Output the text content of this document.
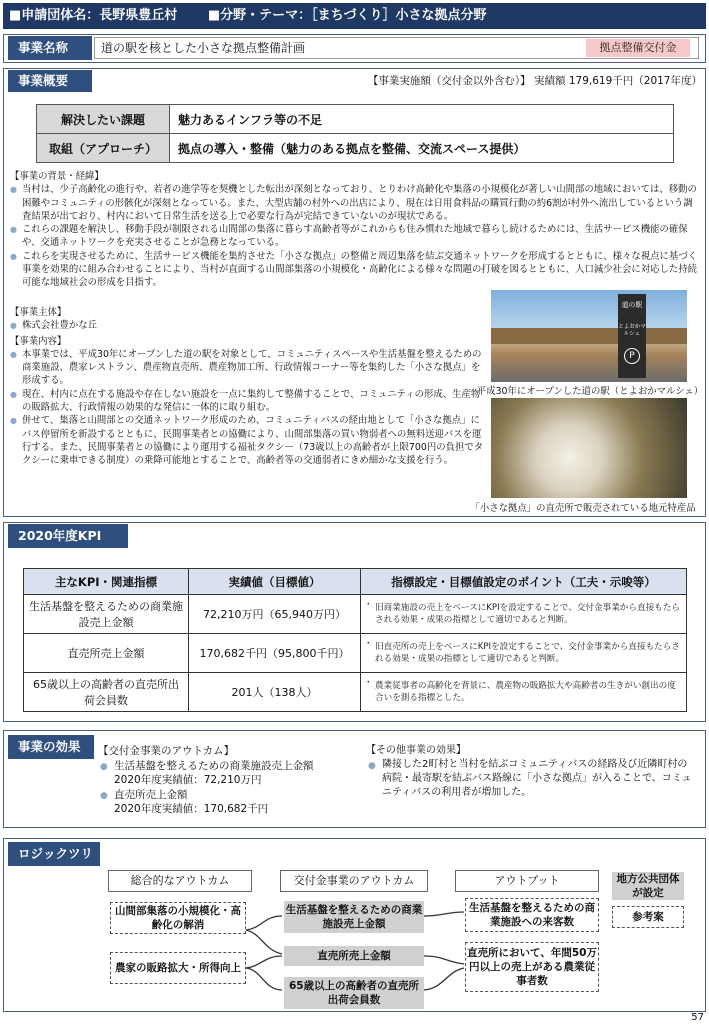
■申請団体名：長野県豊丘村 ■分野・テーマ：［まちづくり］小さな拠点分野
事業名称	道の駅を核とした小さな拠点整備計画	拠点整備交付金
事業概要	【事業実施額（交付金以外含む）】 実績額 179,619千円（2017年度）
解決したい課題	魅力あるインフラ等の不足
取組（アプローチ）	拠点の導入・整備（魅力のある拠点を整備、交流スペース提供）

【事業の背景・経緯】

● 当村は、少子高齢化の進行や、若者の進学等を契機とした転出が深刻となっており、とりわけ高齢化や集落の小規模化が著しい山間部の地域においては、移動の困難やコミュニティの形骸化が深刻となっている。また、大型店舗の村外への出店により、現在は日用食料品の購買行動の約6割が村外へ流出しているという調査結果が出ており、村内において日常生活を送る上で必要な行為が完結できていないのが現状である。

● これらの課題を解決し、移動手段が制限される山間部の集落に暮らす高齢者等がこれからも住み慣れた地域で暮らし続けるためには、生活サービス機能の確保や、交通ネットワークを充実させることが急務となっている。

● これらを実現させるために、生活サービス機能を集約させた「小さな拠点」の整備と周辺集落を結ぶ交通ネットワークを形成するとともに、様々な視点に基づく事業を効果的に組み合わせることにより、当村が直面する山間部集落の小規模化・高齢化による様々な問題の打破を図るとともに、人口減少社会に対応した持続可能な地域社会の形成を目指す。

【事業主体】

● 株式会社豊かな丘

【事業内容】

● 本事業では、平成30年にオープンした道の駅を対象として、コミュニティスペースや生活基盤を整えるための商業施設、農家レストラン、農産物直売所、農産物加工所、行政情報コーナー等を集約した「小さな拠点」を形成する。

● 現在、村内に点在する施設や存在しない施設を一点に集約して整備することで、コミュニティの形成、生産物の販路拡大、行政情報の効果的な発信に一体的に取り組む。

● 併せて、集落と山間部との交通ネットワーク形成のため、コミュニティバスの経由地として「小さな拠点」にバス停留所を新設するとともに、民間事業者との協働により、山間部集落の買い物弱者への無料送迎バスを運行する。また、民間事業者との協働により運用する福祉タクシー（73歳以上の高齢者が上限700円の負担でタクシーに乗車できる制度）の乗降可能地とすることで、高齢者等の交通弱者にきめ細かな支援を行う。

道の駅
とよおかマルシェ
P
平成30年にオープンした道の駅（とよおかマルシェ）
「小さな拠点」の直売所で販売されている地元特産品
2020年度KPI
主なKPI・関連指標	実績値（目標値）	指標設定・目標値設定のポイント（工夫・示唆等）
生活基盤を整えるための商業施設売上金額	72,210万円（65,940万円）	・ 旧商業施設の売上をベースにKPIを設定することで、交付金事業から直接もたらされる効果・成果の指標として適切であると判断。
直売所売上金額	170,682千円（95,800千円）	・ 旧直売所の売上をベースにKPIを設定することで、交付金事業から直接もたらされる効果・成果の指標として適切であると判断。
65歳以上の高齢者の直売所出荷会員数	201人（138人）	・ 農業従事者の高齢化を背景に、農産物の販路拡大や高齢者の生きがい創出の度合いを測る指標とした。
事業の効果	【交付金事業のアウトカム】
● 生活基盤を整えるための商業施設売上金額
2020年度実績値：72,210万円
● 直売所売上金額
2020年度実績値：170,682千円
【その他事業の効果】
● 隣接した2町村と当村を結ぶコミュニティバスの経路及び近隣町村の病院・最寄駅を結ぶバス路線に「小さな拠点」が入ることで、コミュニティバスの利用者が増加した。
ロジックツリー	総合的なアウトカム	交付金事業のアウトカム	アウトプット	地方公共団体が設定
参考案
山間部集落の小規模化・高齢化の解消
農家の販路拡大・所得向上
生活基盤を整えるための商業施設売上金額
直売所売上金額
65歳以上の高齢者の直売所出荷会員数
生活基盤を整えるための商業施設への来客数
直売所において、年間50万円以上の売上がある農業従事者数
57
